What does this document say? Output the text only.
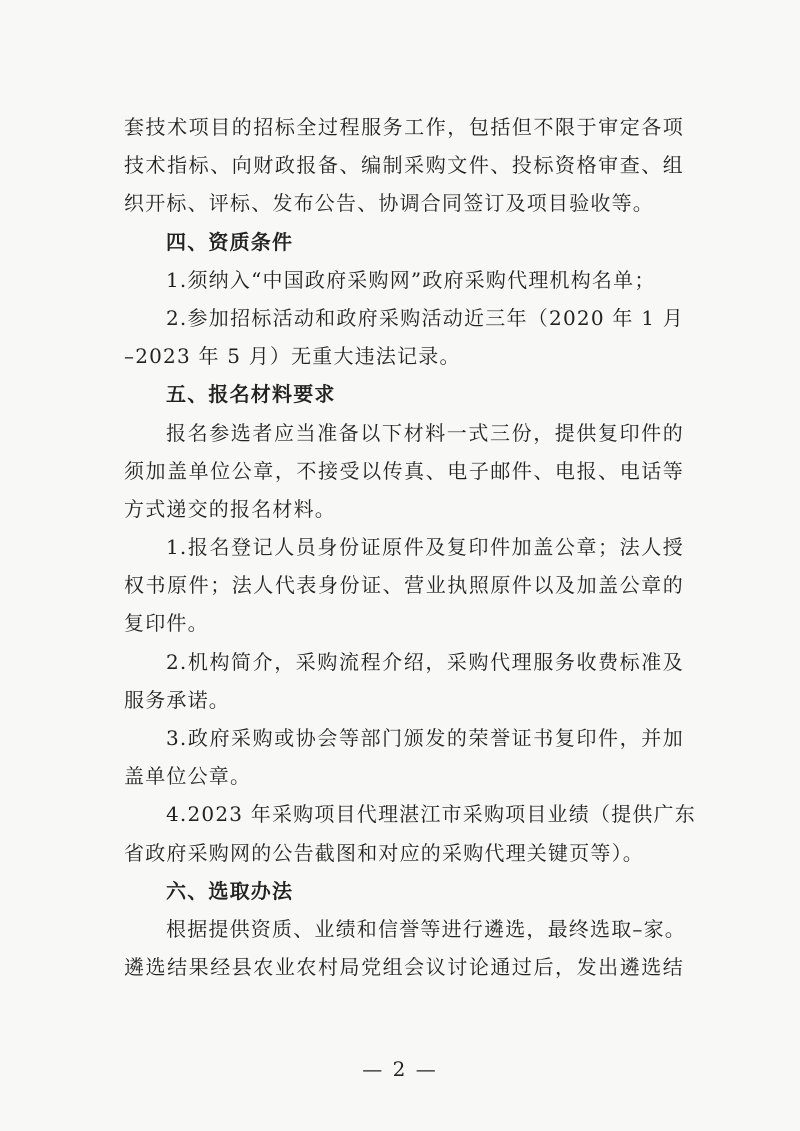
套技术项目的招标全过程服务工作，包括但不限于审定各项
技术指标、向财政报备、编制采购文件、投标资格审查、组
织开标、评标、发布公告、协调合同签订及项目验收等。
四、资质条件
1.须纳入“中国政府采购网”政府采购代理机构名单；
2.参加招标活动和政府采购活动近三年（2020 年 1 月
–2023 年 5 月）无重大违法记录。
五、报名材料要求
报名参选者应当准备以下材料一式三份，提供复印件的
须加盖单位公章，不接受以传真、电子邮件、电报、电话等
方式递交的报名材料。
1.报名登记人员身份证原件及复印件加盖公章；法人授
权书原件；法人代表身份证、营业执照原件以及加盖公章的
复印件。
2.机构简介，采购流程介绍，采购代理服务收费标准及
服务承诺。
3.政府采购或协会等部门颁发的荣誉证书复印件，并加
盖单位公章。
4.2023 年采购项目代理湛江市采购项目业绩（提供广东
省政府采购网的公告截图和对应的采购代理关键页等）。
六、选取办法
根据提供资质、业绩和信誉等进行遴选，最终选取–家。
遴选结果经县农业农村局党组会议讨论通过后，发出遴选结
— 2 —
